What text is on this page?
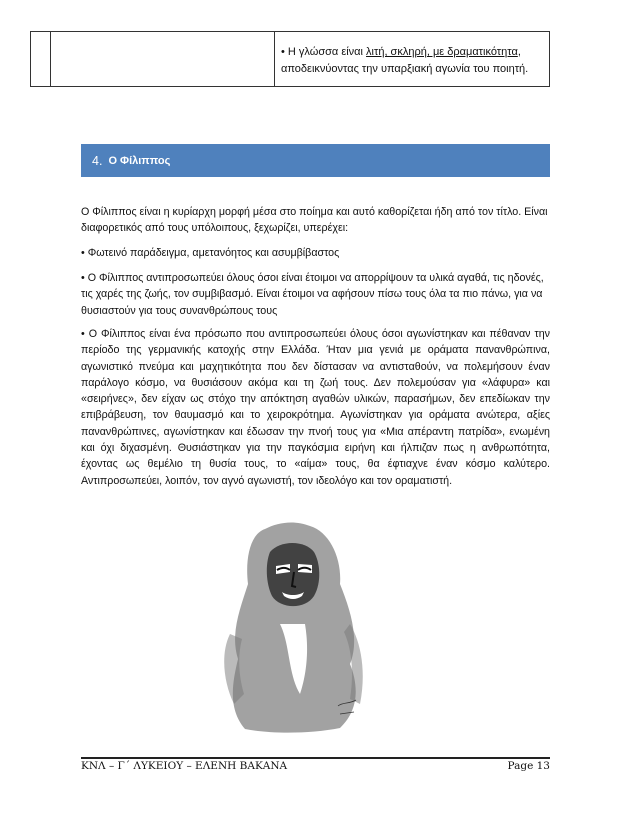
• Η γλώσσα είναι λιτή, σκληρή, με δραματικότητα, αποδεικνύοντας την υπαρξιακή αγωνία του ποιητή.
4. Ο Φίλιππος
Ο Φίλιππος είναι η κυρίαρχη μορφή μέσα στο ποίημα και αυτό καθορίζεται ήδη από τον τίτλο. Είναι διαφορετικός από τους υπόλοιπους, ξεχωρίζει, υπερέχει:
• Φωτεινό παράδειγμα, αμετανόητος και ασυμβίβαστος
• Ο Φίλιππος αντιπροσωπεύει όλους όσοι είναι έτοιμοι να απορρίψουν τα υλικά αγαθά, τις ηδονές, τις χαρές της ζωής, τον συμβιβασμό. Είναι έτοιμοι να αφήσουν πίσω τους όλα τα πιο πάνω, για να θυσιαστούν για τους συνανθρώπους τους
• Ο Φίλιππος είναι ένα πρόσωπο που αντιπροσωπεύει όλους όσοι αγωνίστηκαν και πέθαναν την περίοδο της γερμανικής κατοχής στην Ελλάδα. Ήταν μια γενιά με οράματα πανανθρώπινα, αγωνιστικό πνεύμα και μαχητικότητα που δεν δίστασαν να αντισταθούν, να πολεμήσουν έναν παράλογο κόσμο, να θυσιάσουν ακόμα και τη ζωή τους. Δεν πολεμούσαν για «λάφυρα» και «σειρήνες», δεν είχαν ως στόχο την απόκτηση αγαθών υλικών, παρασήμων, δεν επεδίωκαν την επιβράβευση, τον θαυμασμό και το χειροκρότημα. Αγωνίστηκαν για οράματα ανώτερα, αξίες πανανθρώπινες, αγωνίστηκαν και έδωσαν την πνοή τους για «Μια απέραντη πατρίδα», ενωμένη και όχι διχασμένη. Θυσιάστηκαν για την παγκόσμια ειρήνη και ήλπιζαν πως η ανθρωπότητα, έχοντας ως θεμέλιο τη θυσία τους, το «αίμα» τους, θα έφτιαχνε έναν κόσμο καλύτερο. Αντιπροσωπεύει, λοιπόν, τον αγνό αγωνιστή, τον ιδεολόγο και τον οραματιστή.
ΚΝΛ – Γ΄ ΛΥΚΕΙΟΥ – ΕΛΕΝΗ ΒΑΚΑΝΑ	Page 13
